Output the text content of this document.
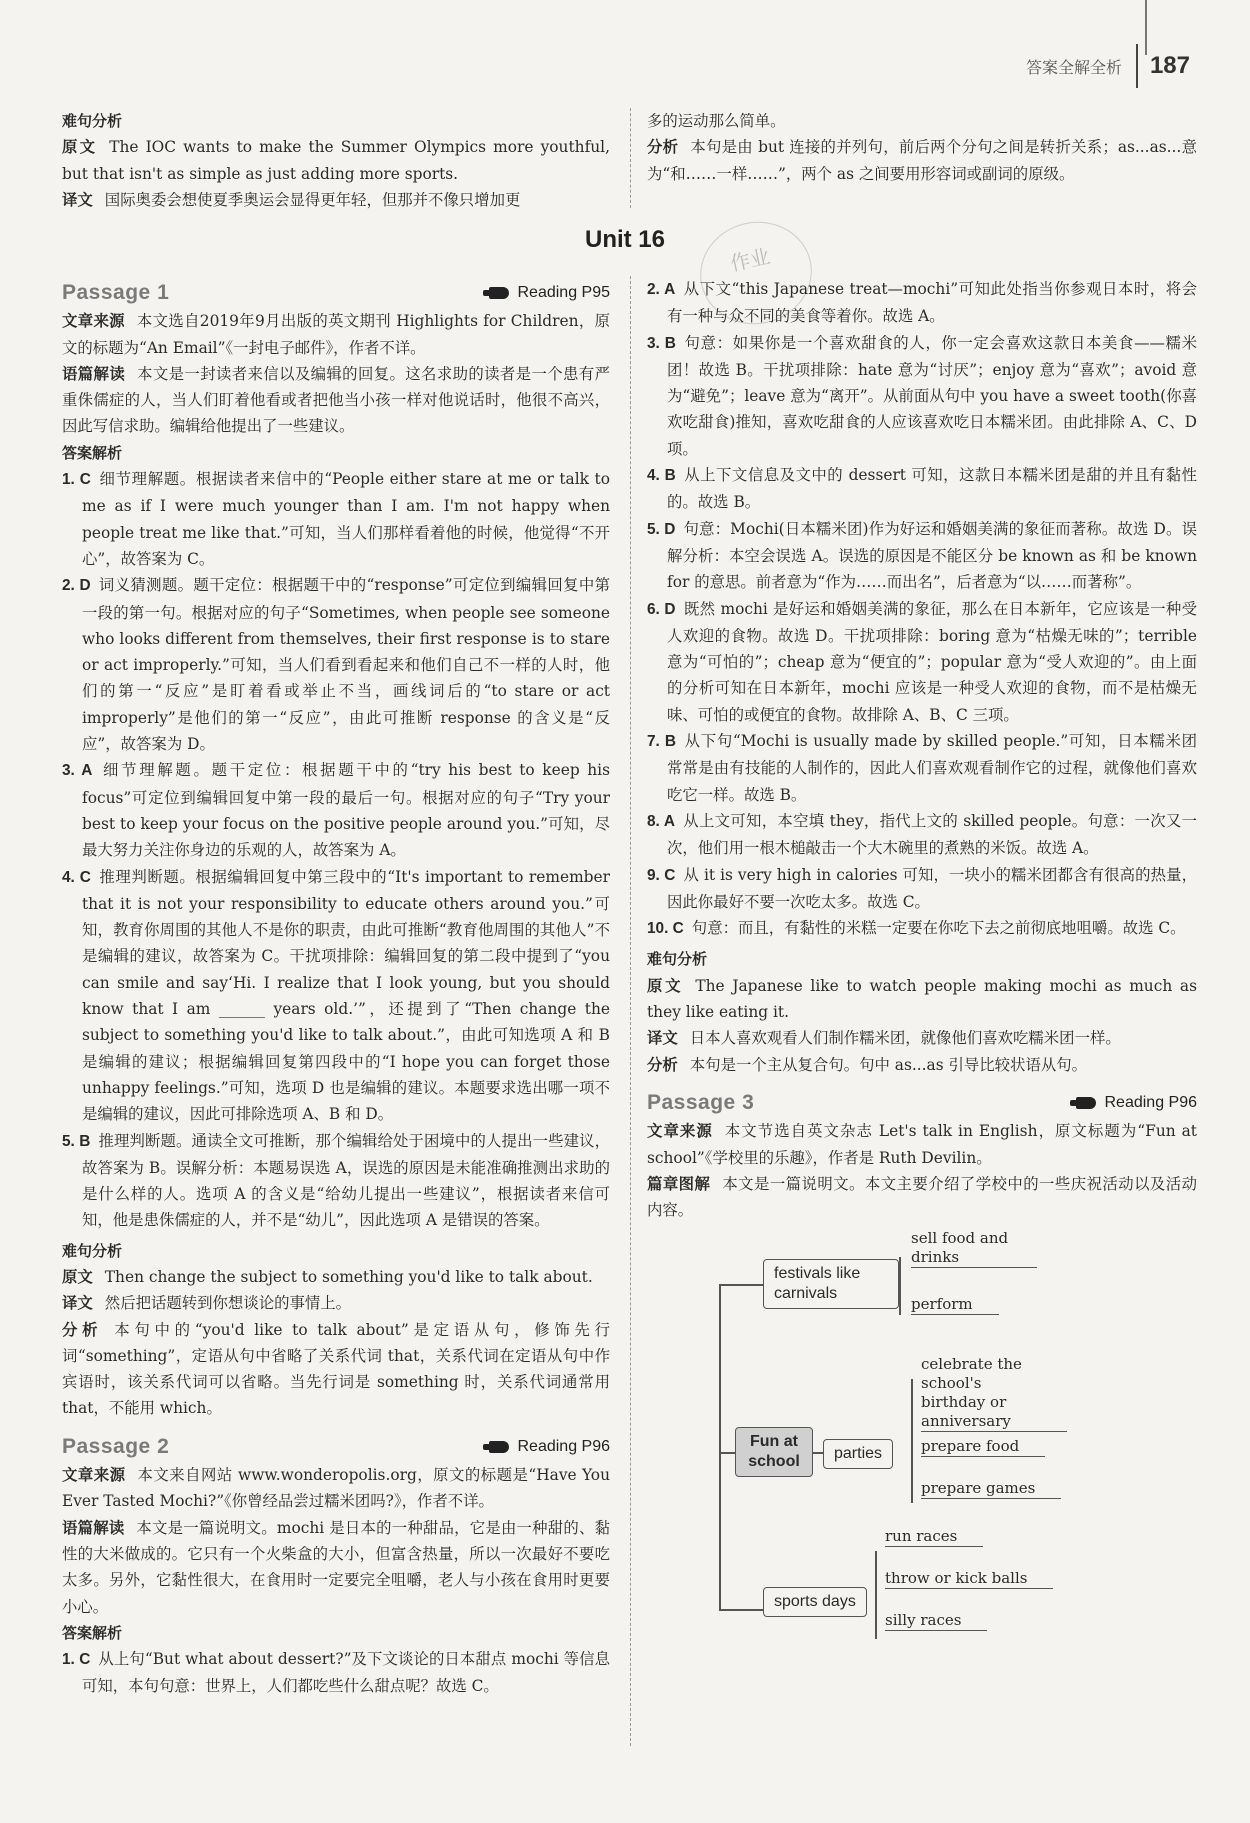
答案全解全析 187

难句分析

原文 The IOC wants to make the Summer Olympics more youthful, but that isn't as simple as just adding more sports.

译文 国际奥委会想使夏季奥运会显得更年轻，但那并不像只增加更

多的运动那么简单。

分析 本句是由 but 连接的并列句，前后两个分句之间是转折关系；as...as...意为“和……一样……”，两个 as 之间要用形容词或副词的原级。

Unit 16
作业
Passage 1	Reading P95

文章来源 本文选自2019年9月出版的英文期刊 Highlights for Children，原文的标题为“An Email”《一封电子邮件》，作者不详。

语篇解读 本文是一封读者来信以及编辑的回复。这名求助的读者是一个患有严重侏儒症的人，当人们盯着他看或者把他当小孩一样对他说话时，他很不高兴，因此写信求助。编辑给他提出了一些建议。

答案解析

1. C 细节理解题。根据读者来信中的“People either stare at me or talk to me as if I were much younger than I am. I'm not happy when people treat me like that.”可知，当人们那样看着他的时候，他觉得“不开心”，故答案为 C。

2. D 词义猜测题。题干定位：根据题干中的“response”可定位到编辑回复中第一段的第一句。根据对应的句子“Sometimes, when people see someone who looks different from themselves, their first response is to stare or act improperly.”可知，当人们看到看起来和他们自己不一样的人时，他们的第一“反应”是盯着看或举止不当，画线词后的“to stare or act improperly”是他们的第一“反应”，由此可推断 response 的含义是“反应”，故答案为 D。

3. A 细节理解题。题干定位：根据题干中的“try his best to keep his focus”可定位到编辑回复中第一段的最后一句。根据对应的句子“Try your best to keep your focus on the positive people around you.”可知，尽最大努力关注你身边的乐观的人，故答案为 A。

4. C 推理判断题。根据编辑回复中第三段中的“It's important to remember that it is not your responsibility to educate others around you.”可知，教育你周围的其他人不是你的职责，由此可推断“教育他周围的其他人”不是编辑的建议，故答案为 C。干扰项排除：编辑回复的第二段中提到了“you can smile and say‘Hi. I realize that I look young, but you should know that I am ______ years old.’”，还提到了“Then change the subject to something you'd like to talk about.”，由此可知选项 A 和 B 是编辑的建议；根据编辑回复第四段中的“I hope you can forget those unhappy feelings.”可知，选项 D 也是编辑的建议。本题要求选出哪一项不是编辑的建议，因此可排除选项 A、B 和 D。

5. B 推理判断题。通读全文可推断，那个编辑给处于困境中的人提出一些建议，故答案为 B。误解分析：本题易误选 A，误选的原因是未能准确推测出求助的是什么样的人。选项 A 的含义是“给幼儿提出一些建议”，根据读者来信可知，他是患侏儒症的人，并不是“幼儿”，因此选项 A 是错误的答案。

难句分析

原文 Then change the subject to something you'd like to talk about.

译文 然后把话题转到你想谈论的事情上。

分析 本句中的“you'd like to talk about”是定语从句，修饰先行词“something”，定语从句中省略了关系代词 that，关系代词在定语从句中作宾语时，该关系代词可以省略。当先行词是 something 时，关系代词通常用 that，不能用 which。

Passage 2	Reading P96

文章来源 本文来自网站 www.wonderopolis.org，原文的标题是“Have You Ever Tasted Mochi?”《你曾经品尝过糯米团吗?》，作者不详。

语篇解读 本文是一篇说明文。mochi 是日本的一种甜品，它是由一种甜的、黏性的大米做成的。它只有一个火柴盒的大小，但富含热量，所以一次最好不要吃太多。另外，它黏性很大，在食用时一定要完全咀嚼，老人与小孩在食用时更要小心。

答案解析

1. C 从上句“But what about dessert?”及下文谈论的日本甜点 mochi 等信息可知，本句句意：世界上，人们都吃些什么甜点呢？故选 C。

2. A 从下文“this Japanese treat—mochi”可知此处指当你参观日本时，将会有一种与众不同的美食等着你。故选 A。

3. B 句意：如果你是一个喜欢甜食的人，你一定会喜欢这款日本美食——糯米团！故选 B。干扰项排除：hate 意为“讨厌”；enjoy 意为“喜欢”；avoid 意为“避免”；leave 意为“离开”。从前面从句中 you have a sweet tooth(你喜欢吃甜食)推知，喜欢吃甜食的人应该喜欢吃日本糯米团。由此排除 A、C、D 项。

4. B 从上下文信息及文中的 dessert 可知，这款日本糯米团是甜的并且有黏性的。故选 B。

5. D 句意：Mochi(日本糯米团)作为好运和婚姻美满的象征而著称。故选 D。误解分析：本空会误选 A。误选的原因是不能区分 be known as 和 be known for 的意思。前者意为“作为……而出名”，后者意为“以……而著称”。

6. D 既然 mochi 是好运和婚姻美满的象征，那么在日本新年，它应该是一种受人欢迎的食物。故选 D。干扰项排除：boring 意为“枯燥无味的”；terrible 意为“可怕的”；cheap 意为“便宜的”；popular 意为“受人欢迎的”。由上面的分析可知在日本新年，mochi 应该是一种受人欢迎的食物，而不是枯燥无味、可怕的或便宜的食物。故排除 A、B、C 三项。

7. B 从下句“Mochi is usually made by skilled people.”可知，日本糯米团常常是由有技能的人制作的，因此人们喜欢观看制作它的过程，就像他们喜欢吃它一样。故选 B。

8. A 从上文可知，本空填 they，指代上文的 skilled people。句意：一次又一次，他们用一根木槌敲击一个大木碗里的煮熟的米饭。故选 A。

9. C 从 it is very high in calories 可知，一块小的糯米团都含有很高的热量，因此你最好不要一次吃太多。故选 C。

10. C 句意：而且，有黏性的米糕一定要在你吃下去之前彻底地咀嚼。故选 C。

难句分析

原文 The Japanese like to watch people making mochi as much as they like eating it.

译文 日本人喜欢观看人们制作糯米团，就像他们喜欢吃糯米团一样。

分析 本句是一个主从复合句。句中 as...as 引导比较状语从句。

Passage 3	Reading P96

文章来源 本文节选自英文杂志 Let's talk in English，原文标题为“Fun at school”《学校里的乐趣》，作者是 Ruth Devilin。

篇章图解 本文是一篇说明文。本文主要介绍了学校中的一些庆祝活动以及活动内容。

festivals like carnivals
sell food and drinks
perform
Fun at school	parties
celebrate the school's birthday or anniversary
prepare food
prepare games
sports days
run races
throw or kick balls
silly races
